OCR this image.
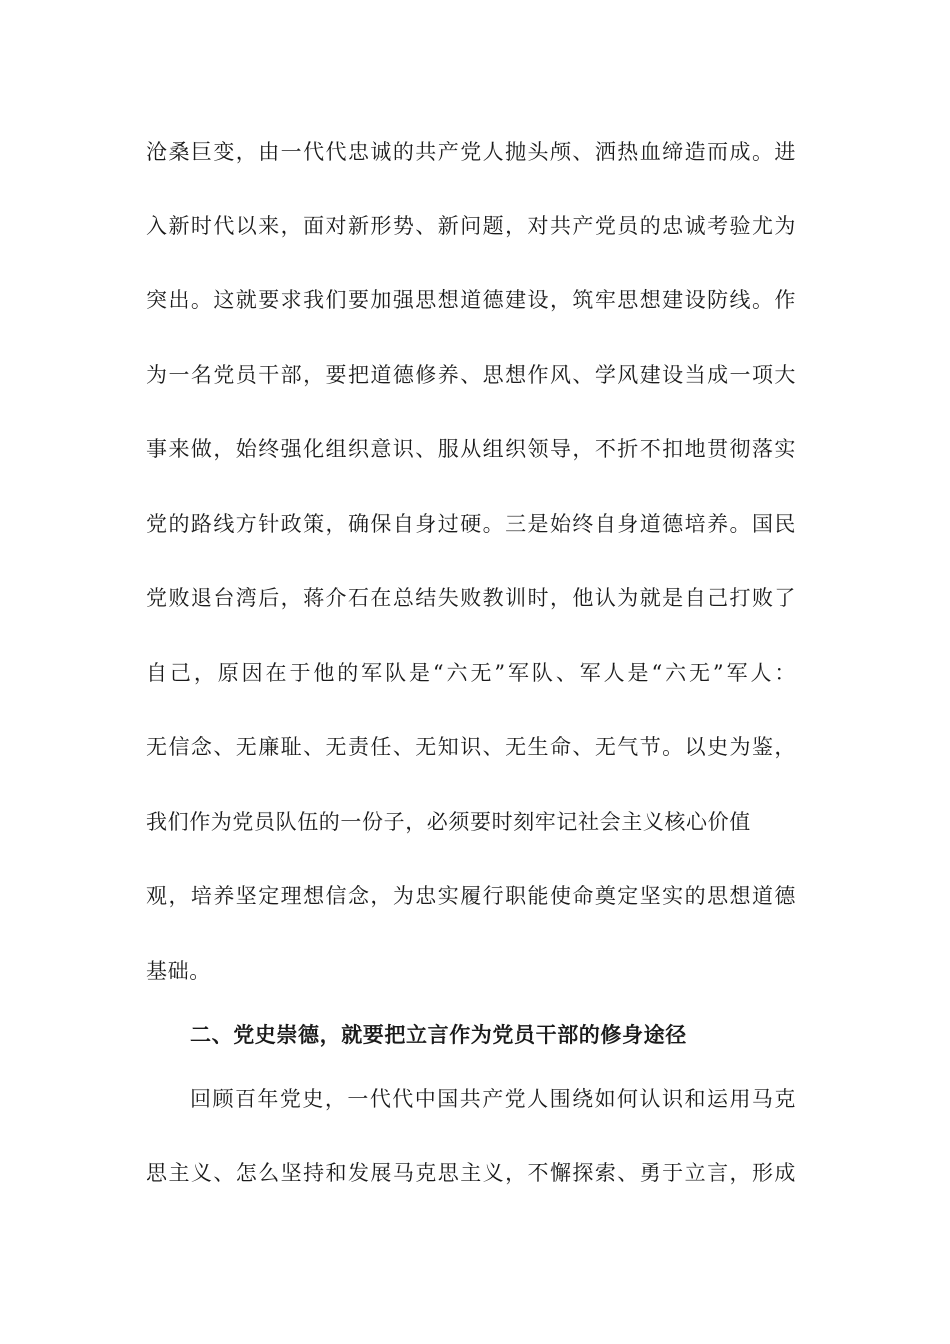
沧桑巨变，由一代代忠诚的共产党人抛头颅、洒热血缔造而成。进
入新时代以来，面对新形势、新问题，对共产党员的忠诚考验尤为
突出。这就要求我们要加强思想道德建设，筑牢思想建设防线。作
为一名党员干部，要把道德修养、思想作风、学风建设当成一项大
事来做，始终强化组织意识、服从组织领导，不折不扣地贯彻落实
党的路线方针政策，确保自身过硬。三是始终自身道德培养。国民
党败退台湾后，蒋介石在总结失败教训时，他认为就是自己打败了
自己，原因在于他的军队是“六无”军队、军人是“六无”军人：
无信念、无廉耻、无责任、无知识、无生命、无气节。以史为鉴，
我们作为党员队伍的一份子，必须要时刻牢记社会主义核心价值
观，培养坚定理想信念，为忠实履行职能使命奠定坚实的思想道德
基础。
二、党史崇德，就要把立言作为党员干部的修身途径
回顾百年党史，一代代中国共产党人围绕如何认识和运用马克
思主义、怎么坚持和发展马克思主义，不懈探索、勇于立言，形成
